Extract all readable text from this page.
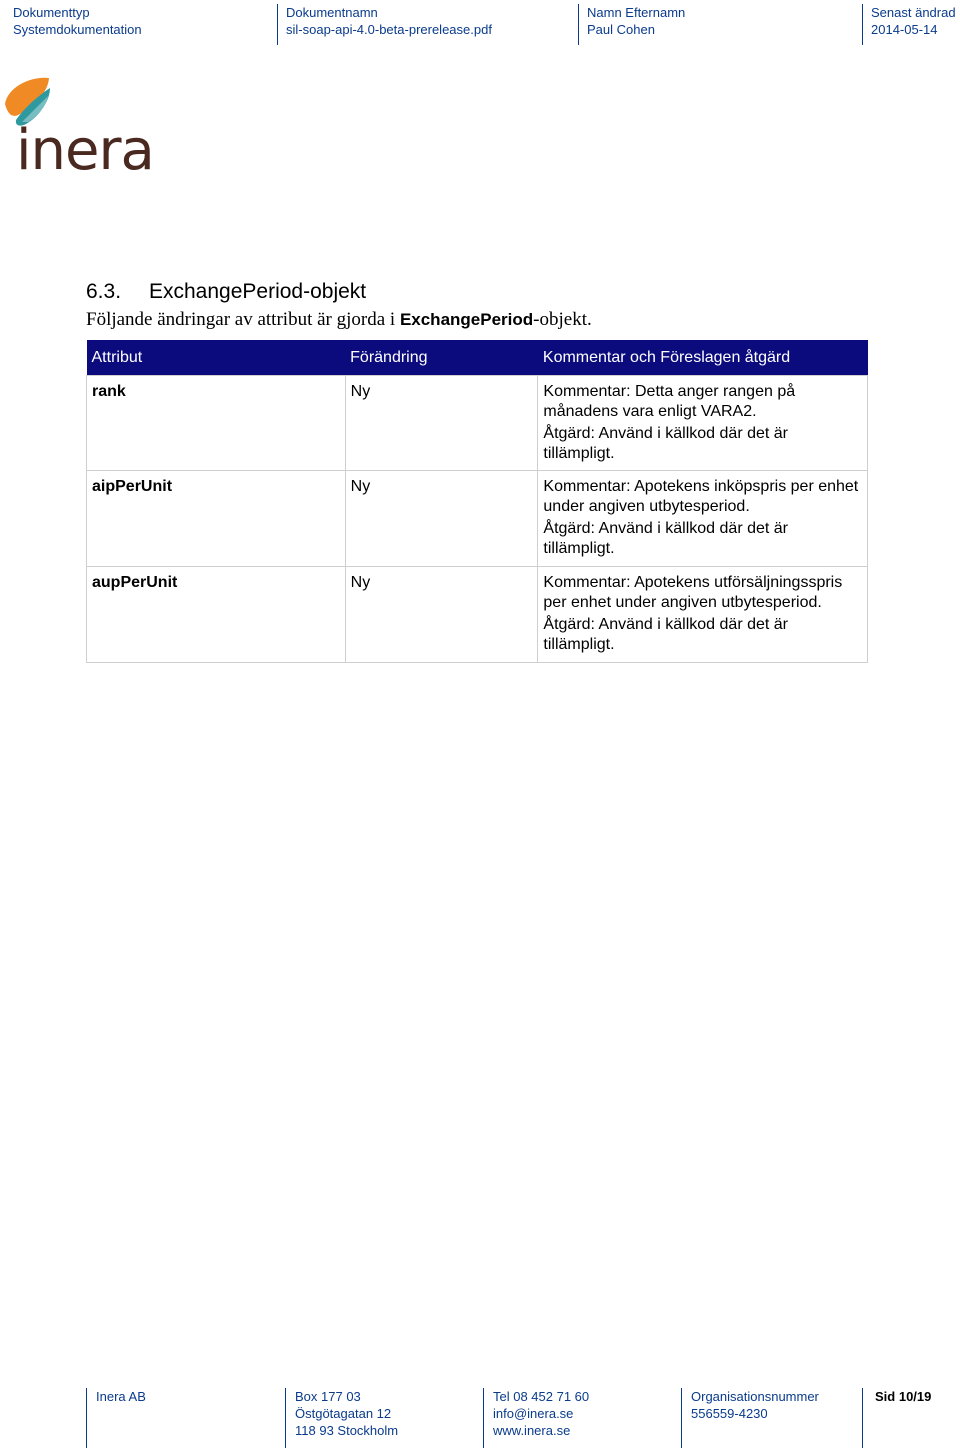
Dokumenttyp
Systemdokumentation
Dokumentnamn
sil-soap-api-4.0-beta-prerelease.pdf
Namn Efternamn
Paul Cohen
Senast ändrad
2014-05-14
inera
6.3. ExchangePeriod-objekt
Följande ändringar av attribut är gjorda i ExchangePeriod-objekt.
Attribut	Förändring	Kommentar och Föreslagen åtgärd
rank	Ny	Kommentar: Detta anger rangen på månadens vara enligt VARA2.
Åtgärd: Använd i källkod där det är tillämpligt.

aipPerUnit	Ny	Kommentar: Apotekens inköpspris per enhet under angiven utbytesperiod.
Åtgärd: Använd i källkod där det är tillämpligt.

aupPerUnit	Ny	Kommentar: Apotekens utförsäljningsspris per enhet under angiven utbytesperiod.
Åtgärd: Använd i källkod där det är tillämpligt.
Inera AB	Box 177 03
Östgötagatan 12
118 93 Stockholm
Tel 08 452 71 60
info@inera.se
www.inera.se
Organisationsnummer
556559-4230
Sid 10/19
